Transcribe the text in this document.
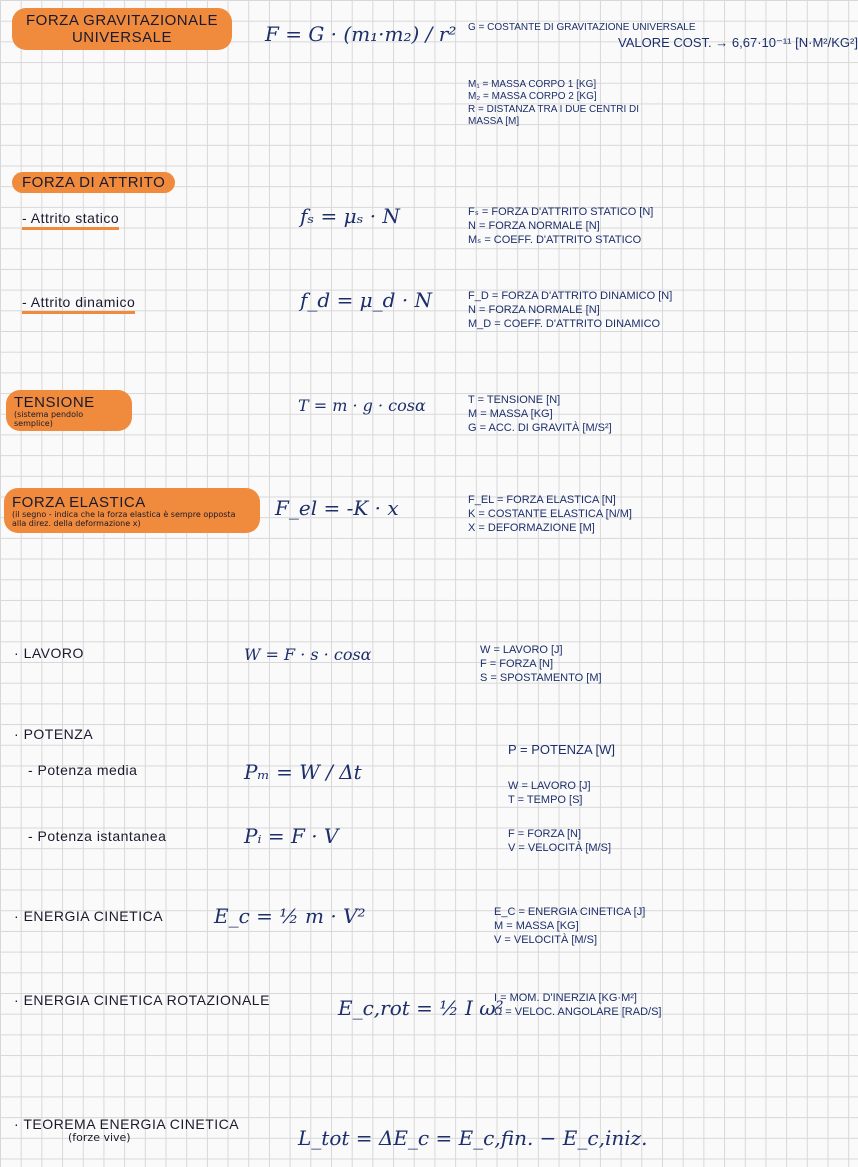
FORZA GRAVITAZIONALE UNIVERSALE	F = G · (m₁·m₂) / r² G = COSTANTE DI GRAVITAZIONE UNIVERSALE
VALORE COST. → 6,67·10⁻¹¹ [N·M²/KG²]
M₁ = MASSA CORPO 1 [KG]
M₂ = MASSA CORPO 2 [KG]
R = DISTANZA TRA I DUE CENTRI DI MASSA [M]
FORZA DI ATTRITO
- Attrito statico	fₛ = μₛ · N	Fₛ = FORZA D'ATTRITO STATICO [N]
N = FORZA NORMALE [N]
Μₛ = COEFF. D'ATTRITO STATICO
- Attrito dinamico	f_d = μ_d · N	F_D = FORZA D'ATTRITO DINAMICO [N]
N = FORZA NORMALE [N]
Μ_D = COEFF. D'ATTRITO DINAMICO
TENSIONE
(sistema pendolo semplice)
T = m · g · cosα	T = TENSIONE [N]
M = MASSA [KG]
G = ACC. DI GRAVITÀ [M/S²]
FORZA ELASTICA
(il segno - indica che la forza elastica è sempre opposta alla direz. della deformazione x)
F_el = -K · x	F_EL = FORZA ELASTICA [N]
K = COSTANTE ELASTICA [N/M]
X = DEFORMAZIONE [M]
· LAVORO	W = F · s · cosα	W = LAVORO [J]
F = FORZA [N]
S = SPOSTAMENTO [M]
· POTENZA
- Potenza media	Pₘ = W / Δt
- Potenza istantanea	Pᵢ = F · V
P = POTENZA [W]
W = LAVORO [J]
T = TEMPO [S]
F = FORZA [N]
V = VELOCITÀ [M/S]
· ENERGIA CINETICA	E_c = ½ m · V²	E_C = ENERGIA CINETICA [J]
M = MASSA [KG]
V = VELOCITÀ [M/S]
· ENERGIA CINETICA ROTAZIONALE	E_c,rot = ½ I ω²
I = MOM. D'INERZIA [KG·M²]
Ω = VELOC. ANGOLARE [RAD/S]
· TEOREMA ENERGIA CINETICA
(forze vive)	L_tot = ΔE_c = E_c,fin. − E_c,iniz.
